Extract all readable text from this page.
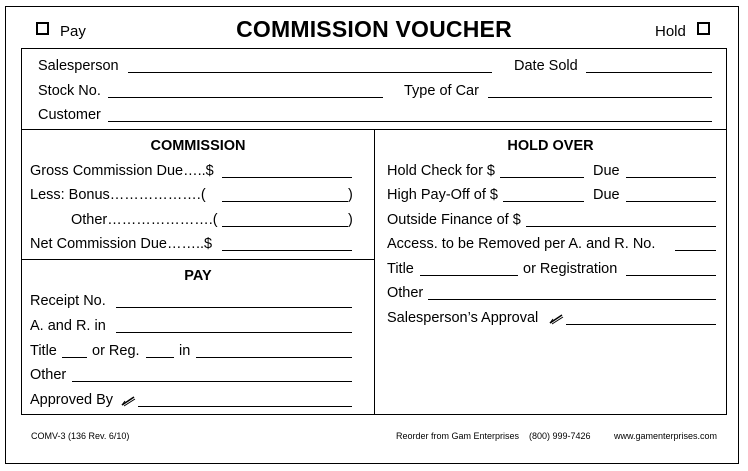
Pay	COMMISSION VOUCHER	Hold
Salesperson	Date Sold
Stock No.	Type of Car
Customer
COMMISSION
Gross Commission Due…..$
Less: Bonus……………….(	)
Other………………….(	)
Net Commission Due……..$
PAY
Receipt No.
A. and R. in
Title or Reg.	in
Other
Approved By
HOLD OVER
Hold Check for $	Due
High Pay-Off of $	Due
Outside Finance of $
Access. to be Removed per A. and R. No.
Title	or Registration
Other
Salesperson’s Approval
COMV-3 (136 Rev. 6/10)	Reorder from Gam Enterprises (800) 999-7426	www.gamenterprises.com
